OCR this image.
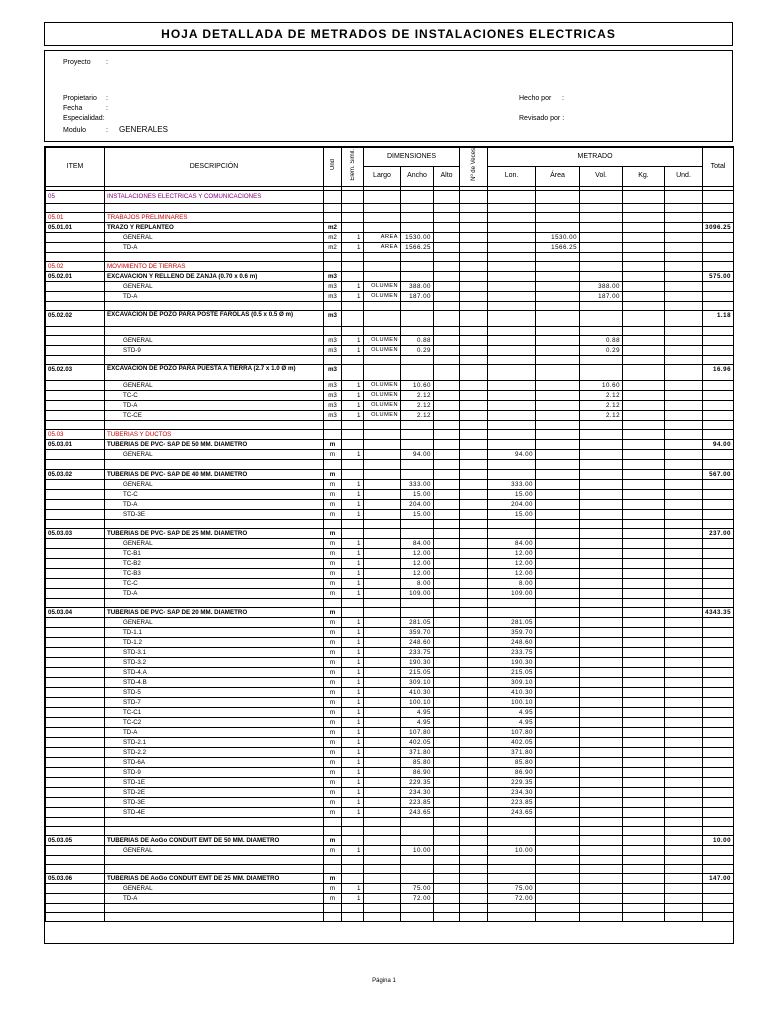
HOJA DETALLADA DE METRADOS DE INSTALACIONES ELECTRICAS
Proyecto :
Propietario :
Fecha	:
Especialidad:
Modulo	: GENERALES
Hecho por :
Revisado por :
ITEM	DESCRIPCIÓN	Und	Elem. Simil.	DIMENSIONES			Nº de Veces	METRADO					Total
				Largo	Ancho	Alto		Lon.	Área	Vol.	Kg.	Und.	

05	INSTALACIONES ELECTRICAS Y COMUNICACIONES												

05.01	TRABAJOS PRELIMINARES												
05.01.01	TRAZO Y REPLANTEO	m2											3096.25
	GENERAL	m2	1	AREA	1530.00				1530.00				
	TD-A	m2	1	AREA	1566.25				1566.25				

05.02	MOVIMIENTO DE TIERRAS												
05.02.01	EXCAVACION Y RELLENO DE ZANJA (0.70 x 0.6 m)	m3											575.00
	GENERAL	m3	1	OLUMEN	388.00					388.00			
	TD-A	m3	1	OLUMEN	187.00					187.00			

05.02.02	EXCAVACION DE POZO PARA POSTE FAROLAS (0.5 x 0.5 Ø m)	m3											1.18

	GENERAL	m3	1	OLUMEN	0.88					0.88			
	STD-9	m3	1	OLUMEN	0.29					0.29			

05.02.03	EXCAVACION DE POZO PARA PUESTA A TIERRA (2.7 x 1.0 Ø m)	m3											16.96
	GENERAL	m3	1	OLUMEN	10.60					10.60			
	TC-C	m3	1	OLUMEN	2.12					2.12			
	TD-A	m3	1	OLUMEN	2.12					2.12			
	TC-CE	m3	1	OLUMEN	2.12					2.12			

05.03	TUBERIAS Y DUCTOS												
05.03.01	TUBERIAS DE PVC- SAP DE 50 MM. DIAMETRO	m											94.00
	GENERAL	m	1		94.00			94.00					

05.03.02	TUBERIAS DE PVC- SAP DE 40 MM. DIAMETRO	m											567.00
	GENERAL	m	1		333.00			333.00					
	TC-C	m	1		15.00			15.00					
	TD-A	m	1		204.00			204.00					
	STD-3E	m	1		15.00			15.00					

05.03.03	TUBERIAS DE PVC- SAP DE 25 MM. DIAMETRO	m											237.00
	GENERAL	m	1		84.00			84.00					
	TC-B1	m	1		12.00			12.00					
	TC-B2	m	1		12.00			12.00					
	TC-B3	m	1		12.00			12.00					
	TC-C	m	1		8.00			8.00					
	TD-A	m	1		109.00			109.00					

05.03.04	TUBERIAS DE PVC- SAP DE 20 MM. DIAMETRO	m											4343.35
	GENERAL	m	1		281.05			281.05					
	TD-1.1	m	1		359.70			359.70					
	TD-1.2	m	1		248.60			248.60					
	STD-3.1	m	1		233.75			233.75					
	STD-3.2	m	1		190.30			190.30					
	STD-4.A	m	1		215.05			215.05					
	STD-4.B	m	1		309.10			309.10					
	STD-5	m	1		410.30			410.30					
	STD-7	m	1		100.10			100.10					
	TC-C1	m	1		4.95			4.95					
	TC-C2	m	1		4.95			4.95					
	TD-A	m	1		107.80			107.80					
	STD-2.1	m	1		402.05			402.05					
	STD-2.2	m	1		371.80			371.80					
	STD-6A	m	1		85.80			85.80					
	STD-9	m	1		86.90			86.90					
	STD-1E	m	1		229.35			229.35					
	STD-2E	m	1		234.30			234.30					
	STD-3E	m	1		223.85			223.85					
	STD-4E	m	1		243.65			243.65					

05.03.05	TUBERIAS DE AoGo CONDUIT EMT DE 50 MM. DIAMETRO	m											10.00
	GENERAL	m	1		10.00			10.00					

05.03.06	TUBERIAS DE AoGo CONDUIT EMT DE 25 MM. DIAMETRO	m											147.00
	GENERAL	m	1		75.00			75.00					
	TD-A	m	1		72.00			72.00					

Página 1
